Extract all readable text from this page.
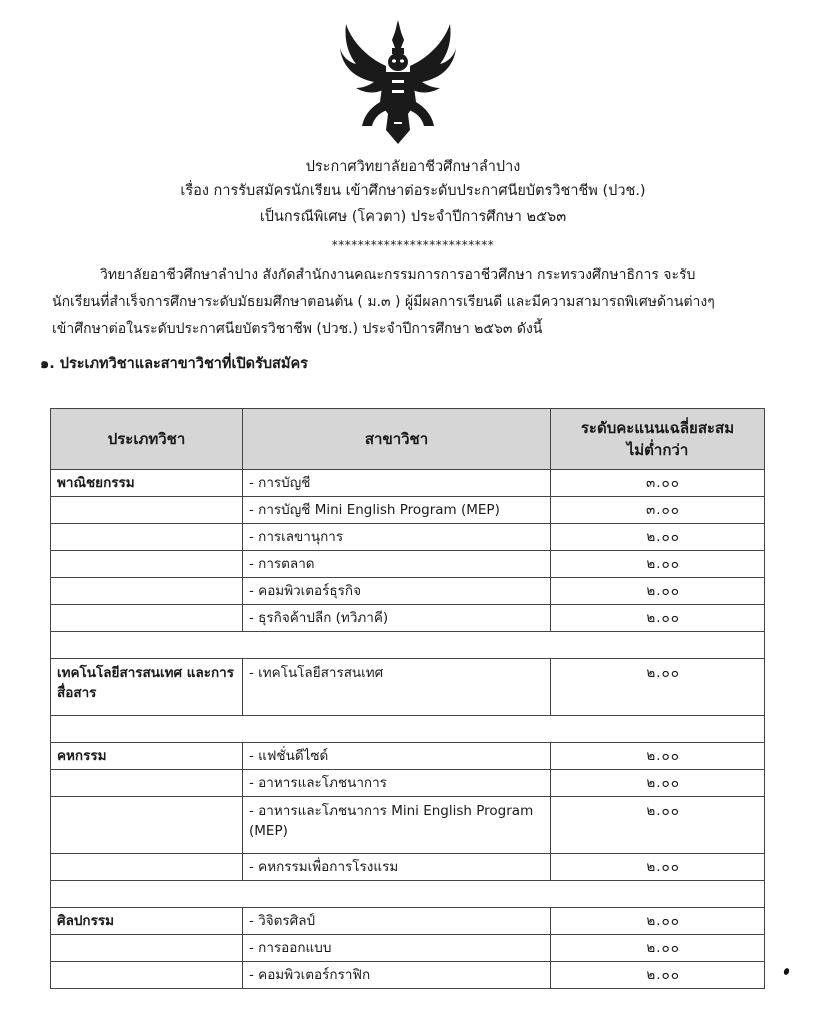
ประกาศวิทยาลัยอาชีวศึกษาลำปาง
เรื่อง การรับสมัครนักเรียน เข้าศึกษาต่อระดับประกาศนียบัตรวิชาชีพ (ปวช.)
เป็นกรณีพิเศษ (โควตา) ประจำปีการศึกษา ๒๕๖๓
*************************
วิทยาลัยอาชีวศึกษาลำปาง สังกัดสำนักงานคณะกรรมการการอาชีวศึกษา กระทรวงศึกษาธิการ จะรับ
นักเรียนที่สำเร็จการศึกษาระดับมัธยมศึกษาตอนต้น ( ม.๓ ) ผู้มีผลการเรียนดี และมีความสามารถพิเศษด้านต่างๆ
เข้าศึกษาต่อในระดับประกาศนียบัตรวิชาชีพ (ปวช.) ประจำปีการศึกษา ๒๕๖๓ ดังนี้
๑. ประเภทวิชาและสาขาวิชาที่เปิดรับสมัคร
ประเภทวิชา	สาขาวิชา	ระดับคะแนนเฉลี่ยสะสม
ไม่ต่ำกว่า

พาณิชยกรรม	- การบัญชี	๓.๐๐
	- การบัญชี Mini English Program (MEP)	๓.๐๐
	- การเลขานุการ	๒.๐๐
	- การตลาด	๒.๐๐
	- คอมพิวเตอร์ธุรกิจ	๒.๐๐
	- ธุรกิจค้าปลีก (ทวิภาคี)	๒.๐๐

เทคโนโลยีสารสนเทศ และการสื่อสาร	- เทคโนโลยีสารสนเทศ	๒.๐๐

คหกรรม	- แฟชั่นดีไซด์	๒.๐๐
	- อาหารและโภชนาการ	๒.๐๐
	- อาหารและโภชนาการ Mini English Program (MEP)	๒.๐๐
	- คหกรรมเพื่อการโรงแรม	๒.๐๐

ศิลปกรรม	- วิจิตรศิลป์	๒.๐๐
	- การออกแบบ	๒.๐๐
	- คอมพิวเตอร์กราฟิก	๒.๐๐
